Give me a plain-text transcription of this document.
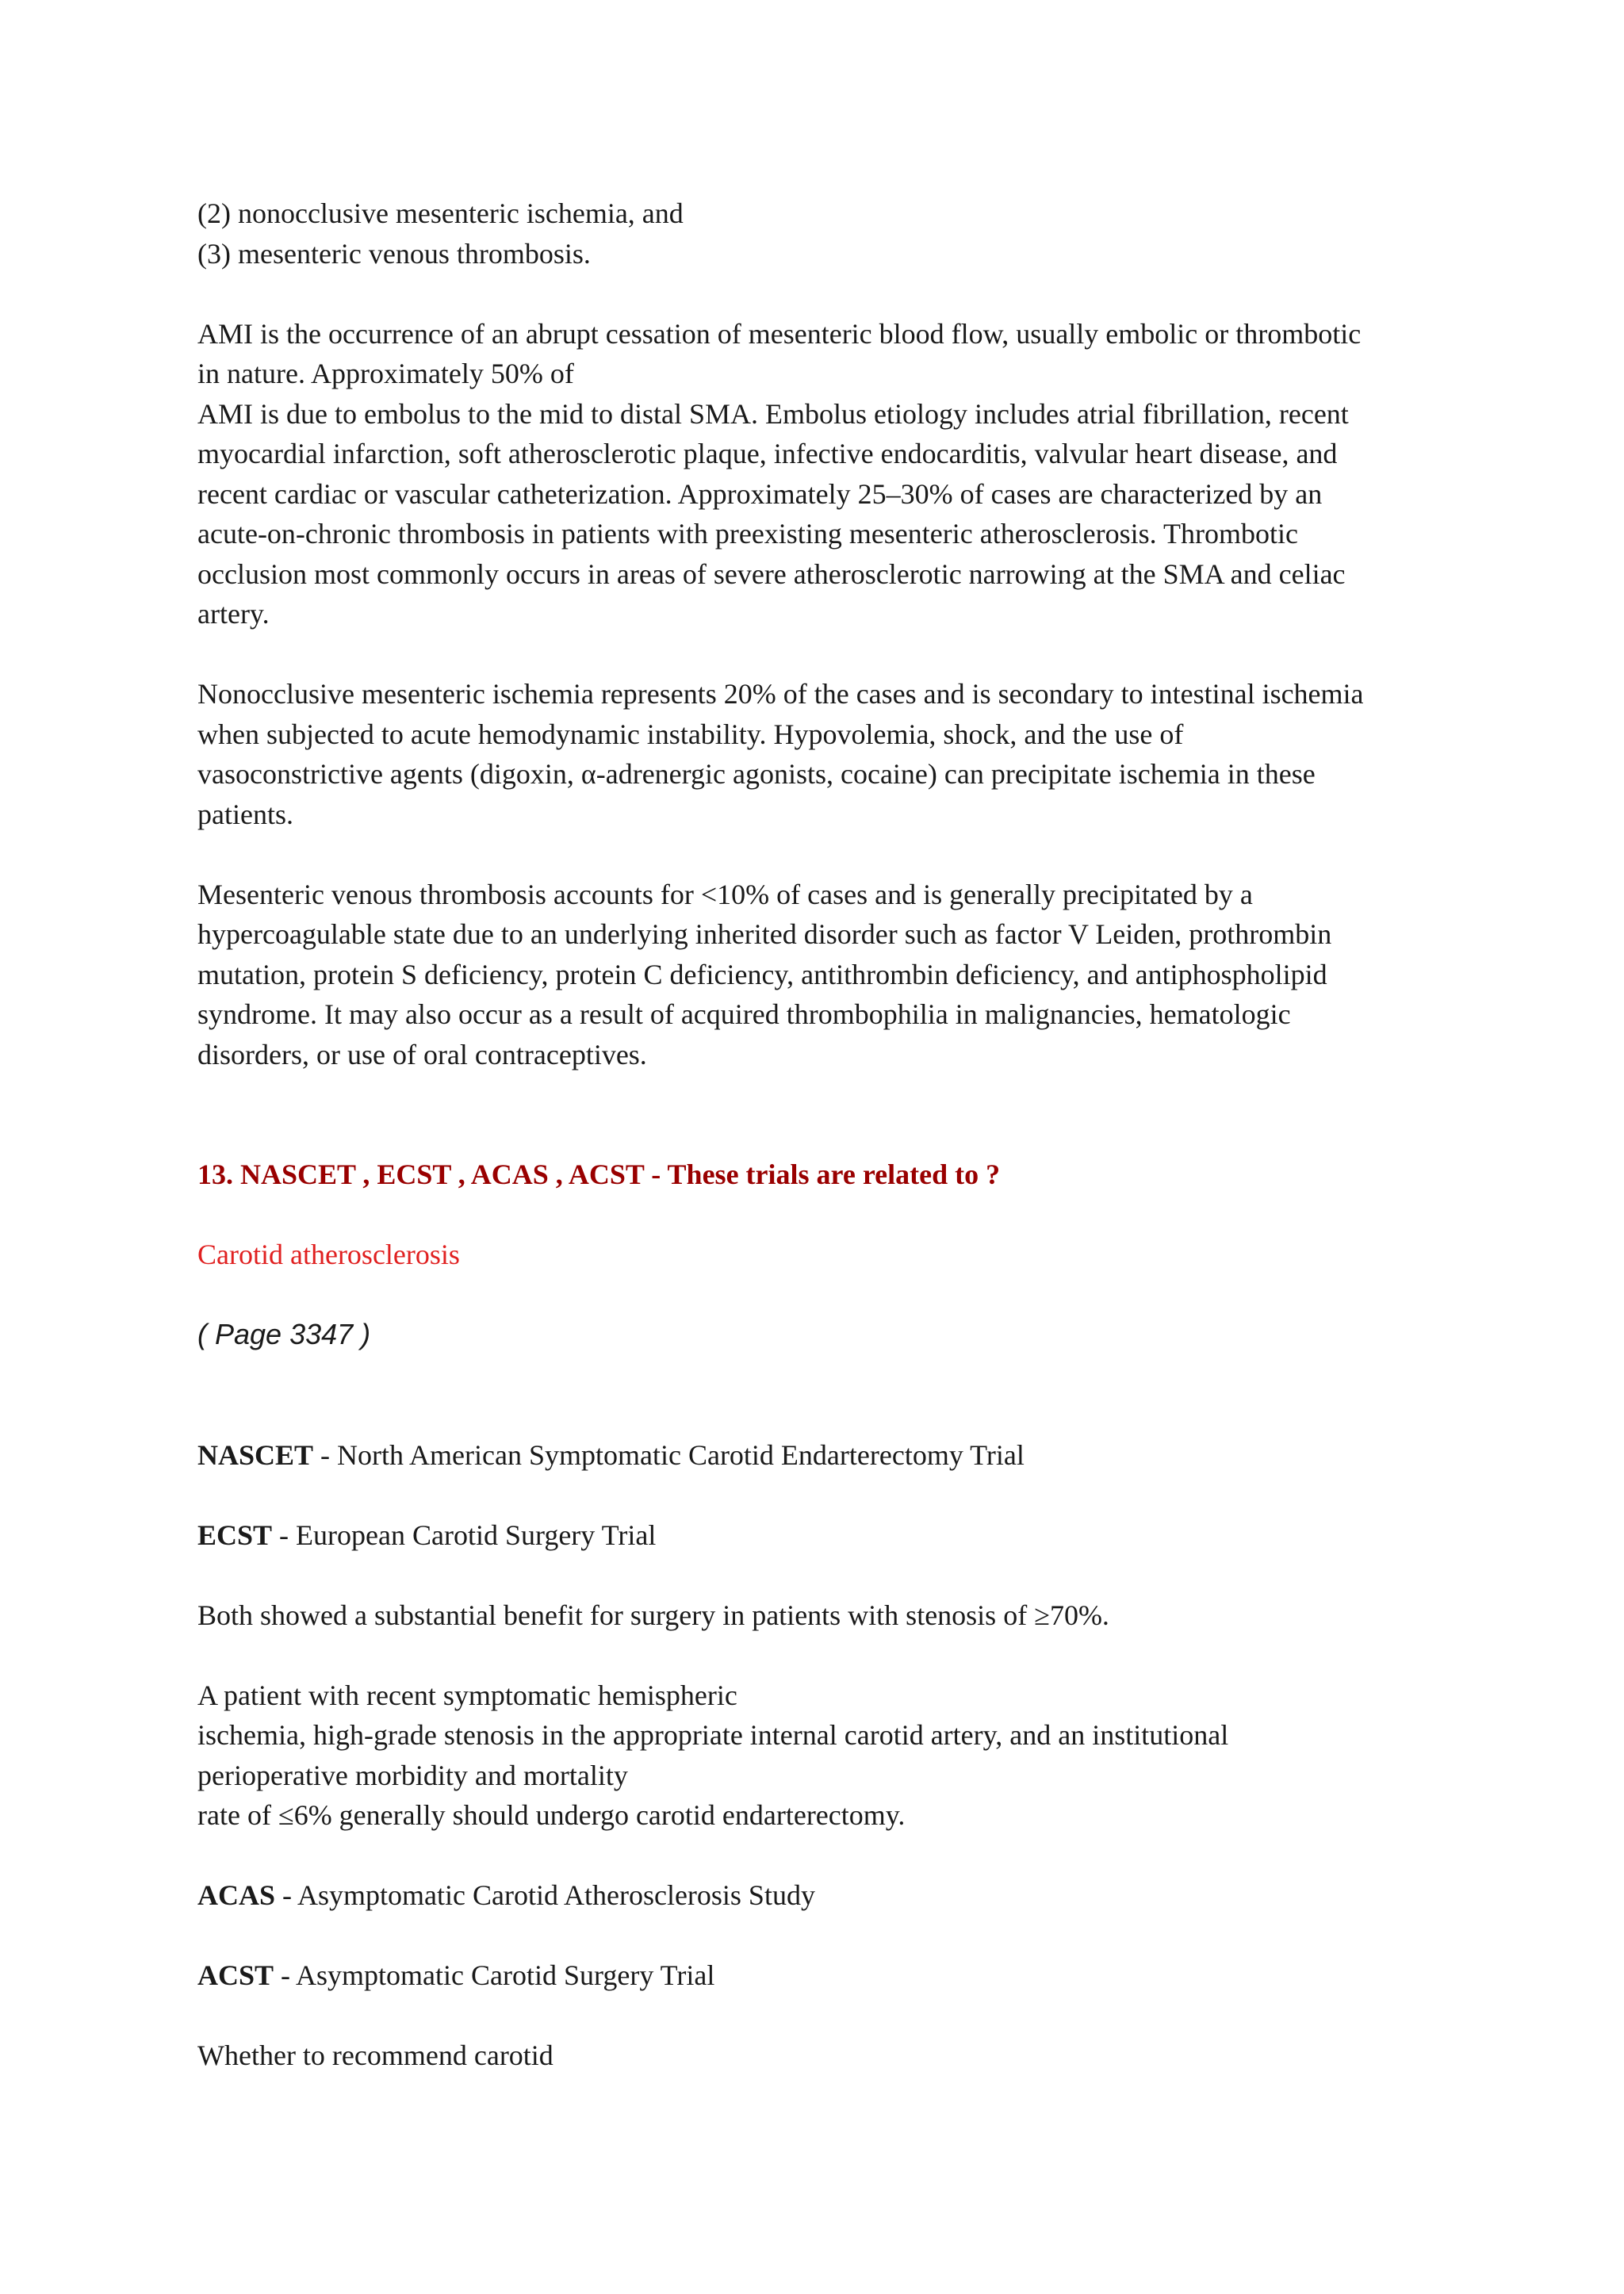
(2) nonocclusive mesenteric ischemia, and
(3) mesenteric venous thrombosis.
AMI is the occurrence of an abrupt cessation of mesenteric blood flow, usually embolic or thrombotic
in nature. Approximately 50% of
AMI is due to embolus to the mid to distal SMA. Embolus etiology includes atrial fibrillation, recent
myocardial infarction, soft atherosclerotic plaque, infective endocarditis, valvular heart disease, and
recent cardiac or vascular catheterization. Approximately 25–30% of cases are characterized by an
acute-on-chronic thrombosis in patients with preexisting mesenteric atherosclerosis. Thrombotic
occlusion most commonly occurs in areas of severe atherosclerotic narrowing at the SMA and celiac
artery.
Nonocclusive mesenteric ischemia represents 20% of the cases and is secondary to intestinal ischemia
when subjected to acute hemodynamic instability. Hypovolemia, shock, and the use of
vasoconstrictive agents (digoxin, α-adrenergic agonists, cocaine) can precipitate ischemia in these
patients.
Mesenteric venous thrombosis accounts for <10% of cases and is generally precipitated by a
hypercoagulable state due to an underlying inherited disorder such as factor V Leiden, prothrombin
mutation, protein S deficiency, protein C deficiency, antithrombin deficiency, and antiphospholipid
syndrome. It may also occur as a result of acquired thrombophilia in malignancies, hematologic
disorders, or use of oral contraceptives.
13. NASCET , ECST , ACAS , ACST - These trials are related to ?
Carotid atherosclerosis
( Page 3347 )
NASCET - North American Symptomatic Carotid Endarterectomy Trial
ECST - European Carotid Surgery Trial
Both showed a substantial benefit for surgery in patients with stenosis of ≥70%.
A patient with recent symptomatic hemispheric
ischemia, high-grade stenosis in the appropriate internal carotid artery, and an institutional
perioperative morbidity and mortality
rate of ≤6% generally should undergo carotid endarterectomy.
ACAS - Asymptomatic Carotid Atherosclerosis Study
ACST - Asymptomatic Carotid Surgery Trial
Whether to recommend carotid
